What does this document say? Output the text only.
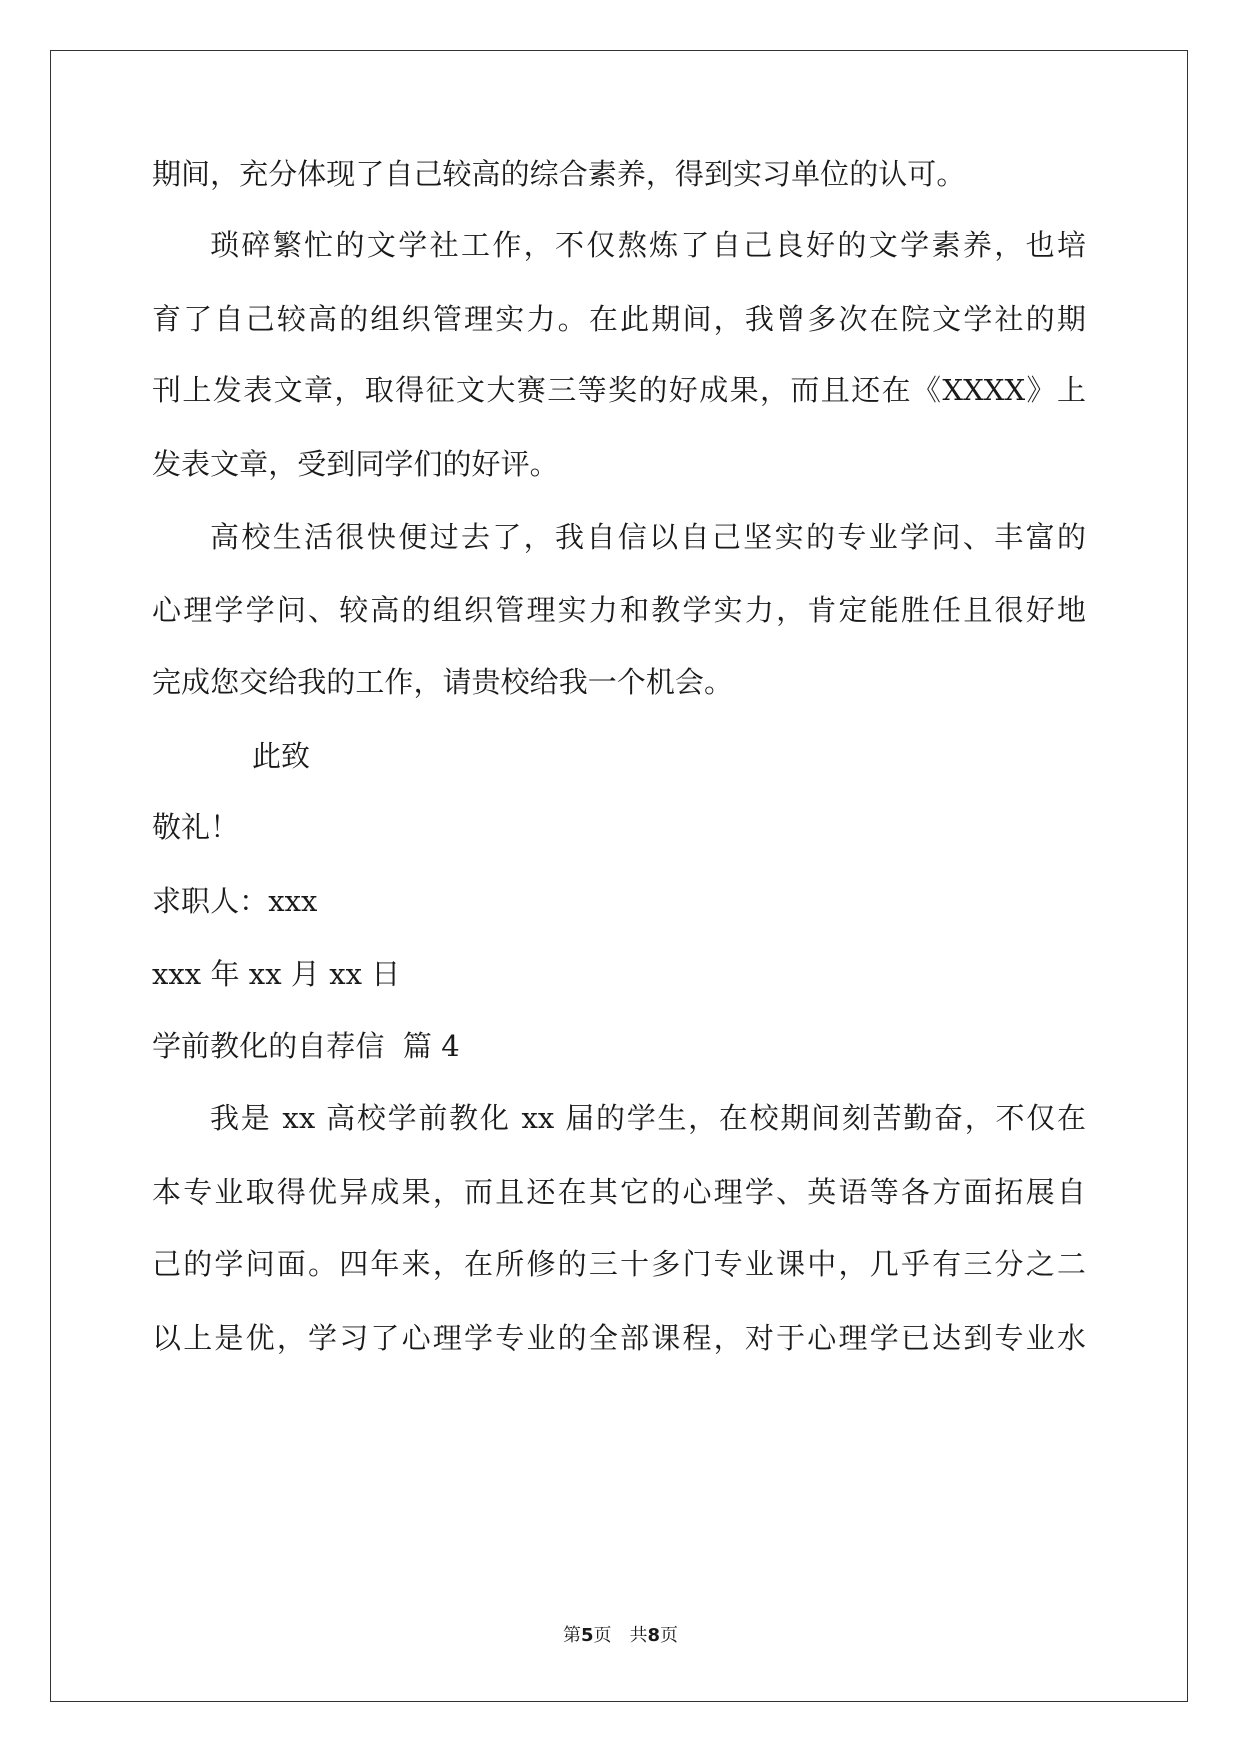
期间，充分体现了自己较高的综合素养，得到实习单位的认可。
琐碎繁忙的文学社工作，不仅熬炼了自己良好的文学素养，也培
育了自己较高的组织管理实力。在此期间，我曾多次在院文学社的期
刊上发表文章，取得征文大赛三等奖的好成果，而且还在《XXXX》上
发表文章，受到同学们的好评。
高校生活很快便过去了，我自信以自己坚实的专业学问、丰富的
心理学学问、较高的组织管理实力和教学实力，肯定能胜任且很好地
完成您交给我的工作，请贵校给我一个机会。
此致
敬礼！
求职人：xxx
xxx 年 xx 月 xx 日
学前教化的自荐信  篇 4
我是 xx 高校学前教化 xx 届的学生，在校期间刻苦勤奋，不仅在
本专业取得优异成果，而且还在其它的心理学、英语等各方面拓展自
己的学问面。四年来，在所修的三十多门专业课中，几乎有三分之二
以上是优，学习了心理学专业的全部课程，对于心理学已达到专业水
第5页 共8页
